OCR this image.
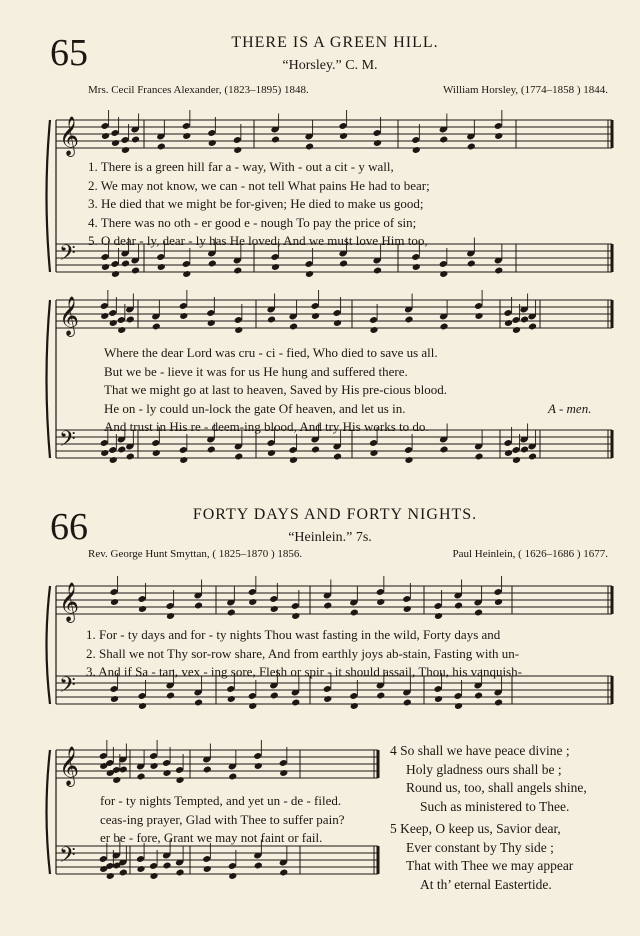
65	THERE IS A GREEN HILL.
“Horsley.” C. M.
Mrs. Cecil Frances Alexander, (1823–1895) 1848.	William Horsley, (1774–1858 ) 1844.
𝄞
𝄢
𝄞
𝄢
𝄞
𝄢
𝄞
𝄢
1. There is a green hill far a - way, With - out a cit - y wall,
2. We may not know, we can - not tell What pains He had to bear;
3. He died that we might be for-given; He died to make us good;
4. There was no oth - er good e - nough To pay the price of sin;
5. O dear - ly, dear - ly has He loved; And we must love Him too,
Where the dear Lord was cru - ci - fied, Who died to save us all.
But we be - lieve it was for us He hung and suffered there.
That we might go at last to heaven, Saved by His pre-cious blood.
He on - ly could un-lock the gate Of heaven, and let us in.
And trust in His re - deem-ing blood, And try His works to do.
A - men.
66	FORTY DAYS AND FORTY NIGHTS.
“Heinlein.” 7s.
Rev. George Hunt Smyttan, ( 1825–1870 ) 1856.	Paul Heinlein, ( 1626–1686 ) 1677.
1. For - ty days and for - ty nights Thou wast fasting in the wild, Forty days and
2. Shall we not Thy sor-row share, And from earthly joys ab-stain, Fasting with un-
3. And if Sa - tan, vex - ing sore, Flesh or spir - it should assail, Thou, his vanquish-
for - ty nights Tempted, and yet un - de - filed.
ceas-ing prayer, Glad with Thee to suffer pain?
er be - fore, Grant we may not faint or fail.
4 So shall we have peace divine ;
Holy gladness ours shall be ;
Round us, too, shall angels shine,
Such as ministered to Thee.
5 Keep, O keep us, Savior dear,
Ever constant by Thy side ;
That with Thee we may appear
At th’ eternal Eastertide.
